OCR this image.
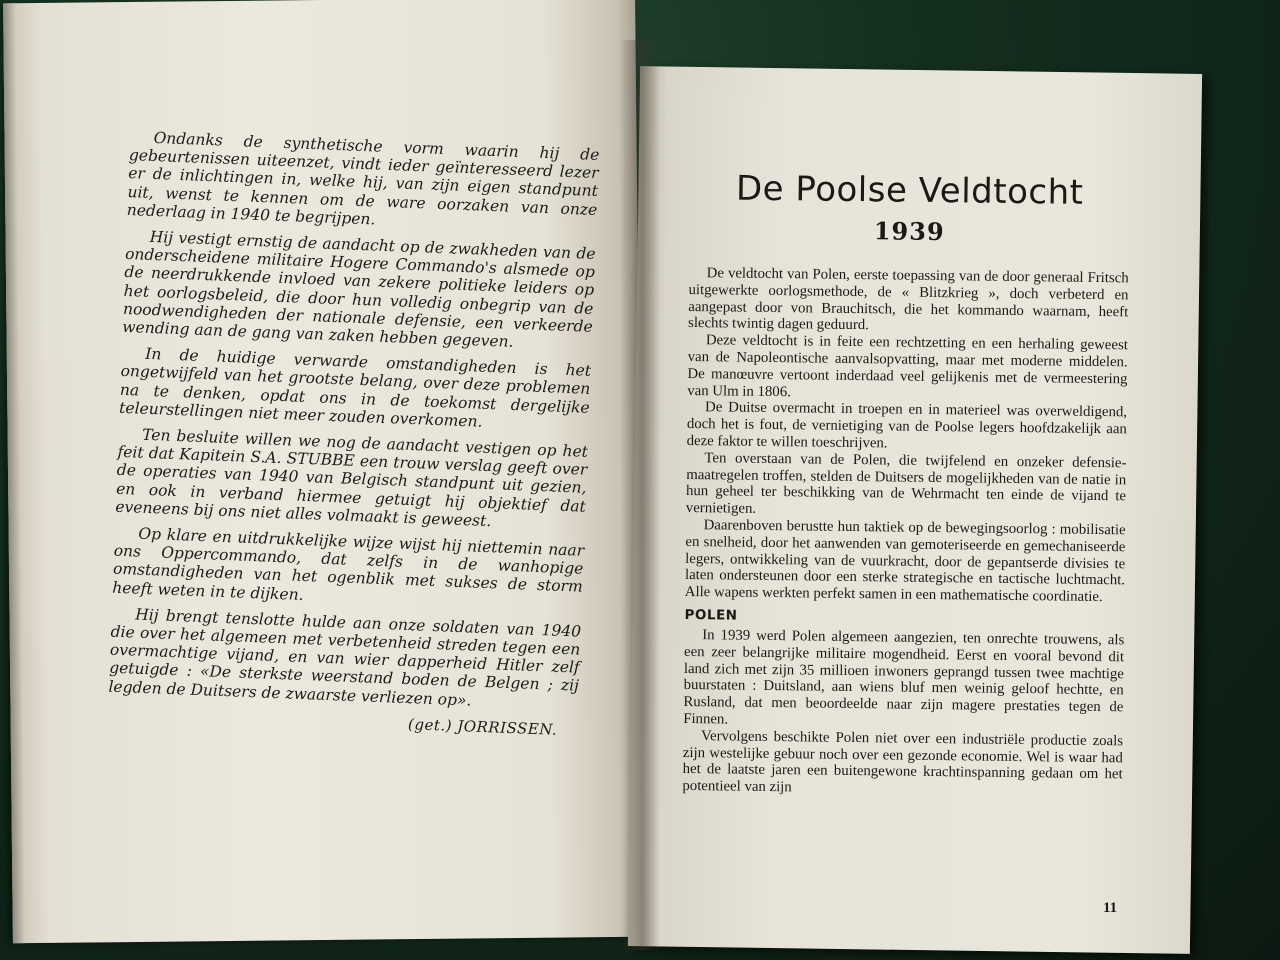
Ondanks de synthetische vorm waarin hij de gebeurtenissen uiteenzet, vindt ieder geïnteresseerd lezer er de inlichtingen in, welke hij, van zijn eigen standpunt uit, wenst te kennen om de ware oorzaken van onze nederlaag in 1940 te begrijpen.

Hij vestigt ernstig de aandacht op de zwakheden van de onderscheidene militaire Hogere Commando's alsmede op de neerdrukkende invloed van zekere politieke leiders op het oorlogsbeleid, die door hun volledig onbegrip van de noodwendigheden der nationale defensie, een verkeerde wending aan de gang van zaken hebben gegeven.

In de huidige verwarde omstandigheden is het ongetwijfeld van het grootste belang, over deze problemen na te denken, opdat ons in de toekomst dergelijke teleurstellingen niet meer zouden overkomen.

Ten besluite willen we nog de aandacht vestigen op het feit dat Kapitein S.A. STUBBE een trouw verslag geeft over de operaties van 1940 van Belgisch standpunt uit gezien, en ook in verband hiermee getuigt hij objektief dat eveneens bij ons niet alles volmaakt is geweest.

Op klare en uitdrukkelijke wijze wijst hij niettemin naar ons Oppercommando, dat zelfs in de wanhopige omstandigheden van het ogenblik met sukses de storm heeft weten in te dijken.

Hij brengt tenslotte hulde aan onze soldaten van 1940 die over het algemeen met verbetenheid streden tegen een overmachtige vijand, en van wier dapperheid Hitler zelf getuigde : «De sterkste weerstand boden de Belgen ; zij legden de Duitsers de zwaarste verliezen op».

(get.) JORRISSEN.
De Poolse Veldtocht
1939

De veldtocht van Polen, eerste toepassing van de door generaal Fritsch uitgewerkte oorlogsmethode, de « Blitzkrieg », doch verbeterd en aangepast door von Brauchitsch, die het kommando waarnam, heeft slechts twintig dagen geduurd.

Deze veldtocht is in feite een rechtzetting en een herhaling geweest van de Napoleontische aanvalsopvatting, maar met moderne middelen. De manœuvre vertoont inderdaad veel gelijkenis met de vermeestering van Ulm in 1806.

De Duitse overmacht in troepen en in materieel was overweldigend, doch het is fout, de vernietiging van de Poolse legers hoofdzakelijk aan deze faktor te willen toeschrijven.

Ten overstaan van de Polen, die twijfelend en onzeker defensie-maatregelen troffen, stelden de Duitsers de mogelijkheden van de natie in hun geheel ter beschikking van de Wehrmacht ten einde de vijand te vernietigen.

Daarenboven berustte hun taktiek op de bewegingsoorlog : mobilisatie en snelheid, door het aanwenden van gemoteriseerde en gemechaniseerde legers, ontwikkeling van de vuurkracht, door de gepantserde divisies te laten ondersteunen door een sterke strategische en tactische luchtmacht. Alle wapens werkten perfekt samen in een mathematische coordinatie.

POLEN

In 1939 werd Polen algemeen aangezien, ten onrechte trouwens, als een zeer belangrijke militaire mogendheid. Eerst en vooral bevond dit land zich met zijn 35 millioen inwoners geprangd tussen twee machtige buurstaten : Duitsland, aan wiens bluf men weinig geloof hechtte, en Rusland, dat men beoordeelde naar zijn magere prestaties tegen de Finnen.

Vervolgens beschikte Polen niet over een industriële productie zoals zijn westelijke gebuur noch over een gezonde economie. Wel is waar had het de laatste jaren een buitengewone krachtinspanning gedaan om het potentieel van zijn

11
